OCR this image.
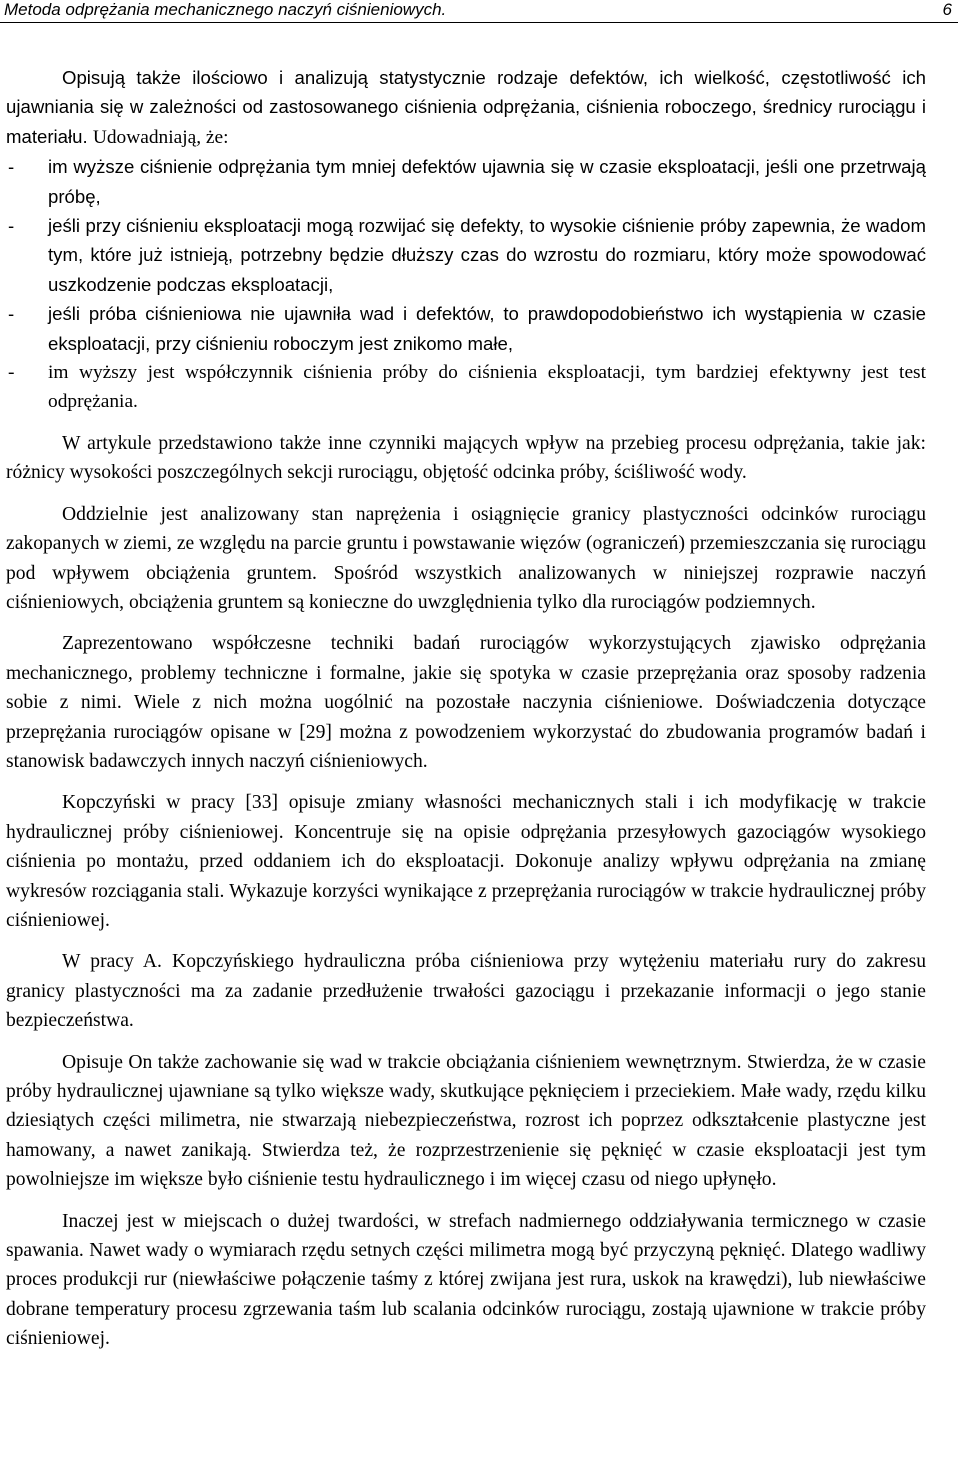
Metoda odprężania mechanicznego naczyń ciśnieniowych.	6

Opisują także ilościowo i analizują statystycznie rodzaje defektów, ich wielkość, częstotliwość ich ujawniania się w zależności od zastosowanego ciśnienia odprężania, ciśnienia roboczego, średnicy rurociągu i materiału. Udowadniają, że:

- im wyższe ciśnienie odprężania tym mniej defektów ujawnia się w czasie eksploatacji, jeśli one przetrwają próbę,
- jeśli przy ciśnieniu eksploatacji mogą rozwijać się defekty, to wysokie ciśnienie próby zapewnia, że wadom tym, które już istnieją, potrzebny będzie dłuższy czas do wzrostu do rozmiaru, który może spowodować uszkodzenie podczas eksploatacji,
- jeśli próba ciśnieniowa nie ujawniła wad i defektów, to prawdopodobieństwo ich wystąpienia w czasie eksploatacji, przy ciśnieniu roboczym jest znikomo małe,
- im wyższy jest współczynnik ciśnienia próby do ciśnienia eksploatacji, tym bardziej efektywny jest test odprężania.

W artykule przedstawiono także inne czynniki mających wpływ na przebieg procesu odprężania, takie jak: różnicy wysokości poszczególnych sekcji rurociągu, objętość odcinka próby, ściśliwość wody.

Oddzielnie jest analizowany stan naprężenia i osiągnięcie granicy plastyczności odcinków rurociągu zakopanych w ziemi, ze względu na parcie gruntu i powstawanie więzów (ograniczeń) przemieszczania się rurociągu pod wpływem obciążenia gruntem. Spośród wszystkich analizowanych w niniejszej rozprawie naczyń ciśnieniowych, obciążenia gruntem są konieczne do uwzględnienia tylko dla rurociągów podziemnych.

Zaprezentowano współczesne techniki badań rurociągów wykorzystujących zjawisko odprężania mechanicznego, problemy techniczne i formalne, jakie się spotyka w czasie przeprężania oraz sposoby radzenia sobie z nimi. Wiele z nich można uogólnić na pozostałe naczynia ciśnieniowe. Doświadczenia dotyczące przeprężania rurociągów opisane w [29] można z powodzeniem wykorzystać do zbudowania programów badań i stanowisk badawczych innych naczyń ciśnieniowych.

Kopczyński w pracy [33] opisuje zmiany własności mechanicznych stali i ich modyfikację w trakcie hydraulicznej próby ciśnieniowej. Koncentruje się na opisie odprężania przesyłowych gazociągów wysokiego ciśnienia po montażu, przed oddaniem ich do eksploatacji. Dokonuje analizy wpływu odprężania na zmianę wykresów rozciągania stali. Wykazuje korzyści wynikające z przeprężania rurociągów w trakcie hydraulicznej próby ciśnieniowej.

W pracy A. Kopczyńskiego hydrauliczna próba ciśnieniowa przy wytężeniu materiału rury do zakresu granicy plastyczności ma za zadanie przedłużenie trwałości gazociągu i przekazanie informacji o jego stanie bezpieczeństwa.

Opisuje On także zachowanie się wad w trakcie obciążania ciśnieniem wewnętrznym. Stwierdza, że w czasie próby hydraulicznej ujawniane są tylko większe wady, skutkujące pęknięciem i przeciekiem. Małe wady, rzędu kilku dziesiątych części milimetra, nie stwarzają niebezpieczeństwa, rozrost ich poprzez odkształcenie plastyczne jest hamowany, a nawet zanikają. Stwierdza też, że rozprzestrzenienie się pęknięć w czasie eksploatacji jest tym powolniejsze im większe było ciśnienie testu hydraulicznego i im więcej czasu od niego upłynęło.

Inaczej jest w miejscach o dużej twardości, w strefach nadmiernego oddziaływania termicznego w czasie spawania. Nawet wady o wymiarach rzędu setnych części milimetra mogą być przyczyną pęknięć. Dlatego wadliwy proces produkcji rur (niewłaściwe połączenie taśmy z której zwijana jest rura, uskok na krawędzi), lub niewłaściwe dobrane temperatury procesu zgrzewania taśm lub scalania odcinków rurociągu, zostają ujawnione w trakcie próby ciśnieniowej.
